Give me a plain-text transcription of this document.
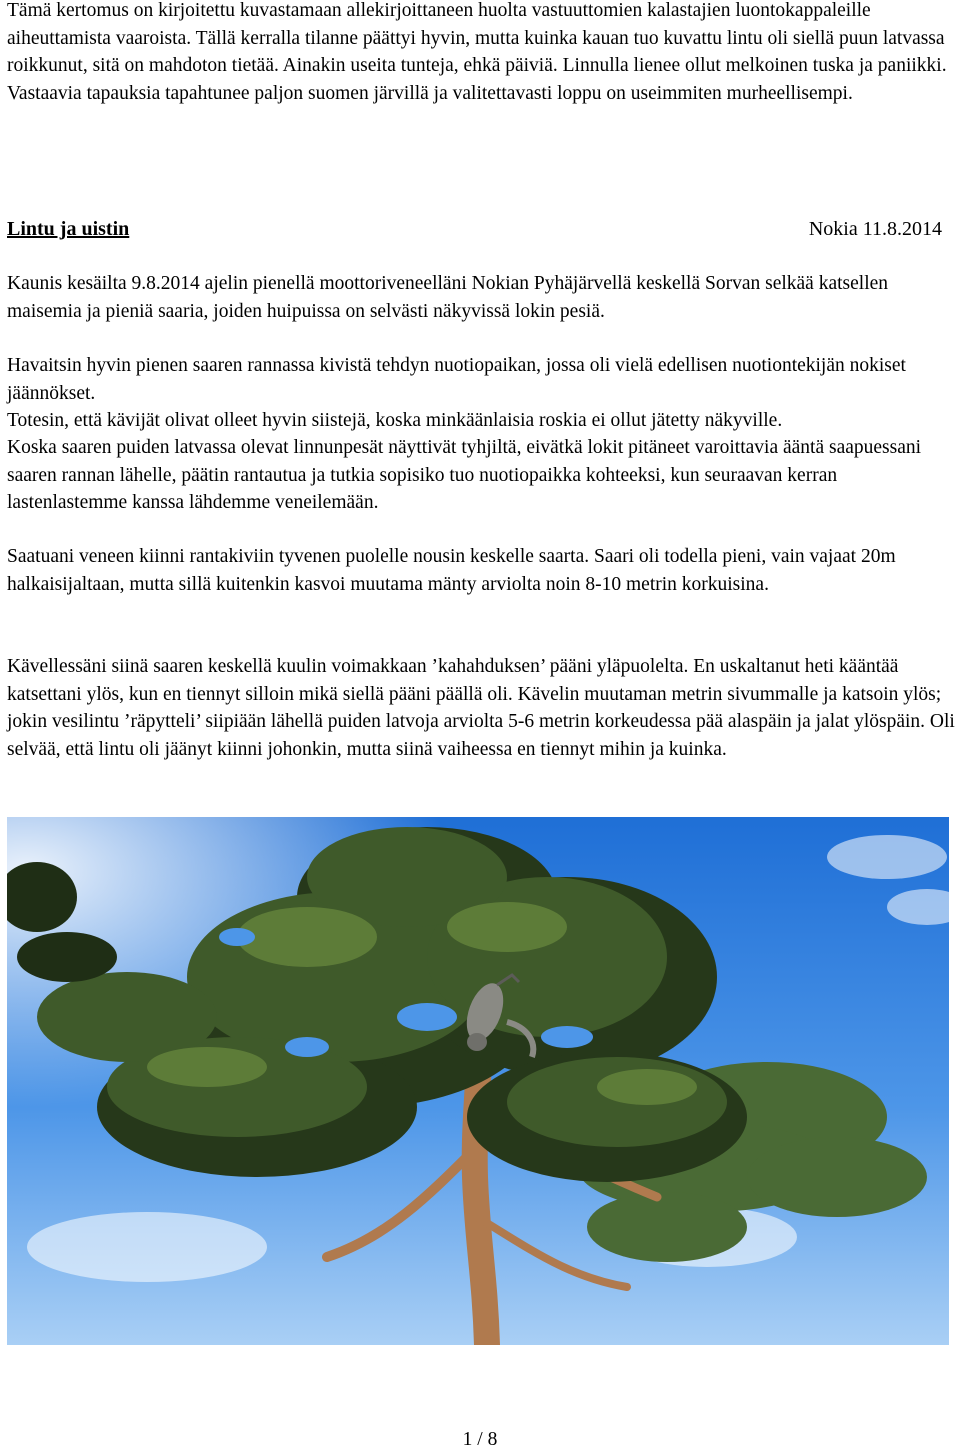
Tämä kertomus on kirjoitettu kuvastamaan allekirjoittaneen huolta vastuuttomien kalastajien luontokappaleille aiheuttamista vaaroista. Tällä kerralla tilanne päättyi hyvin, mutta kuinka kauan tuo kuvattu lintu oli siellä puun latvassa roikkunut, sitä on mahdoton tietää. Ainakin useita tunteja, ehkä päiviä. Linnulla lienee ollut melkoinen tuska ja paniikki. Vastaavia tapauksia tapahtunee paljon suomen järvillä ja valitettavasti loppu on useimmiten murheellisempi.

Lintu ja uistin	Nokia 11.8.2014

Kaunis kesäilta 9.8.2014 ajelin pienellä moottoriveneelläni Nokian Pyhäjärvellä keskellä Sorvan selkää katsellen maisemia ja pieniä saaria, joiden huipuissa on selvästi näkyvissä lokin pesiä.

Havaitsin hyvin pienen saaren rannassa kivistä tehdyn nuotiopaikan, jossa oli vielä edellisen nuotiontekijän nokiset jäännökset.

Totesin, että kävijät olivat olleet hyvin siistejä, koska minkäänlaisia roskia ei ollut jätetty näkyville.

Koska saaren puiden latvassa olevat linnunpesät näyttivät tyhjiltä, eivätkä lokit pitäneet varoittavia ääntä saapuessani saaren rannan lähelle, päätin rantautua ja tutkia sopisiko tuo nuotiopaikka kohteeksi, kun seuraavan kerran lastenlastemme kanssa lähdemme veneilemään.

Saatuani veneen kiinni rantakiviin tyvenen puolelle nousin keskelle saarta. Saari oli todella pieni, vain vajaat 20m halkaisijaltaan, mutta sillä kuitenkin kasvoi muutama mänty arviolta noin 8-10 metrin korkuisina.

Kävellessäni siinä saaren keskellä kuulin voimakkaan ’kahahduksen’ pääni yläpuolelta. En uskaltanut heti kääntää katsettani ylös, kun en tiennyt silloin mikä siellä pääni päällä oli. Kävelin muutaman metrin sivummalle ja katsoin ylös; jokin vesilintu ’räpytteli’ siipiään lähellä puiden latvoja arviolta 5-6 metrin korkeudessa pää alaspäin ja jalat ylöspäin. Oli selvää, että lintu oli jäänyt kiinni johonkin, mutta siinä vaiheessa en tiennyt mihin ja kuinka.

1 / 8
